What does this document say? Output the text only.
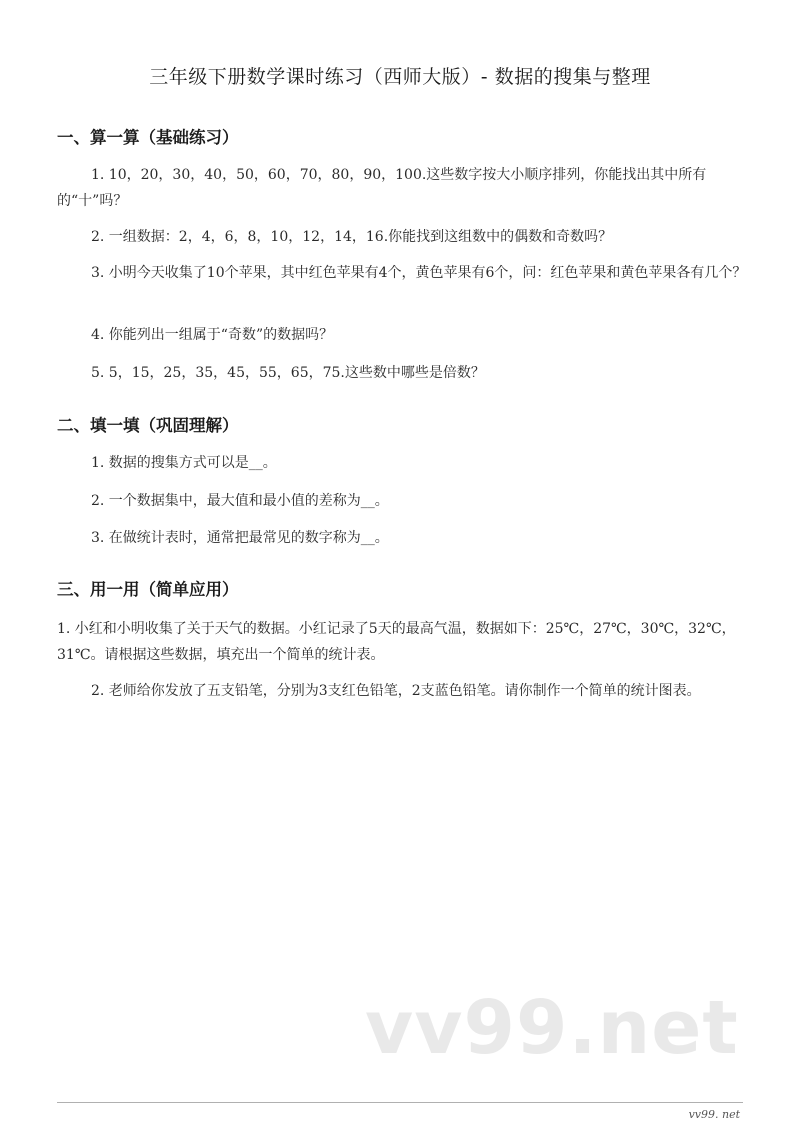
三年级下册数学课时练习（西师大版）- 数据的搜集与整理
一、算一算（基础练习）
1. 10，20，30，40，50，60，70，80，90，100.这些数字按大小顺序排列，你能找出其中所有的“十”吗？
2. 一组数据：2，4，6，8，10，12，14，16.你能找到这组数中的偶数和奇数吗？
3. 小明今天收集了10个苹果，其中红色苹果有4个，黄色苹果有6个，问：红色苹果和黄色苹果各有几个？
4. 你能列出一组属于“奇数”的数据吗？
5. 5，15，25，35，45，55，65，75.这些数中哪些是倍数？
二、填一填（巩固理解）
1. 数据的搜集方式可以是__。
2. 一个数据集中，最大值和最小值的差称为__。
3. 在做统计表时，通常把最常见的数字称为__。
三、用一用（简单应用）
1. 小红和小明收集了关于天气的数据。小红记录了5天的最高气温，数据如下：25℃，27℃，30℃，32℃，31℃。请根据这些数据，填充出一个简单的统计表。
2. 老师给你发放了五支铅笔，分别为3支红色铅笔，2支蓝色铅笔。请你制作一个简单的统计图表。
vv99.net
vv99. net
